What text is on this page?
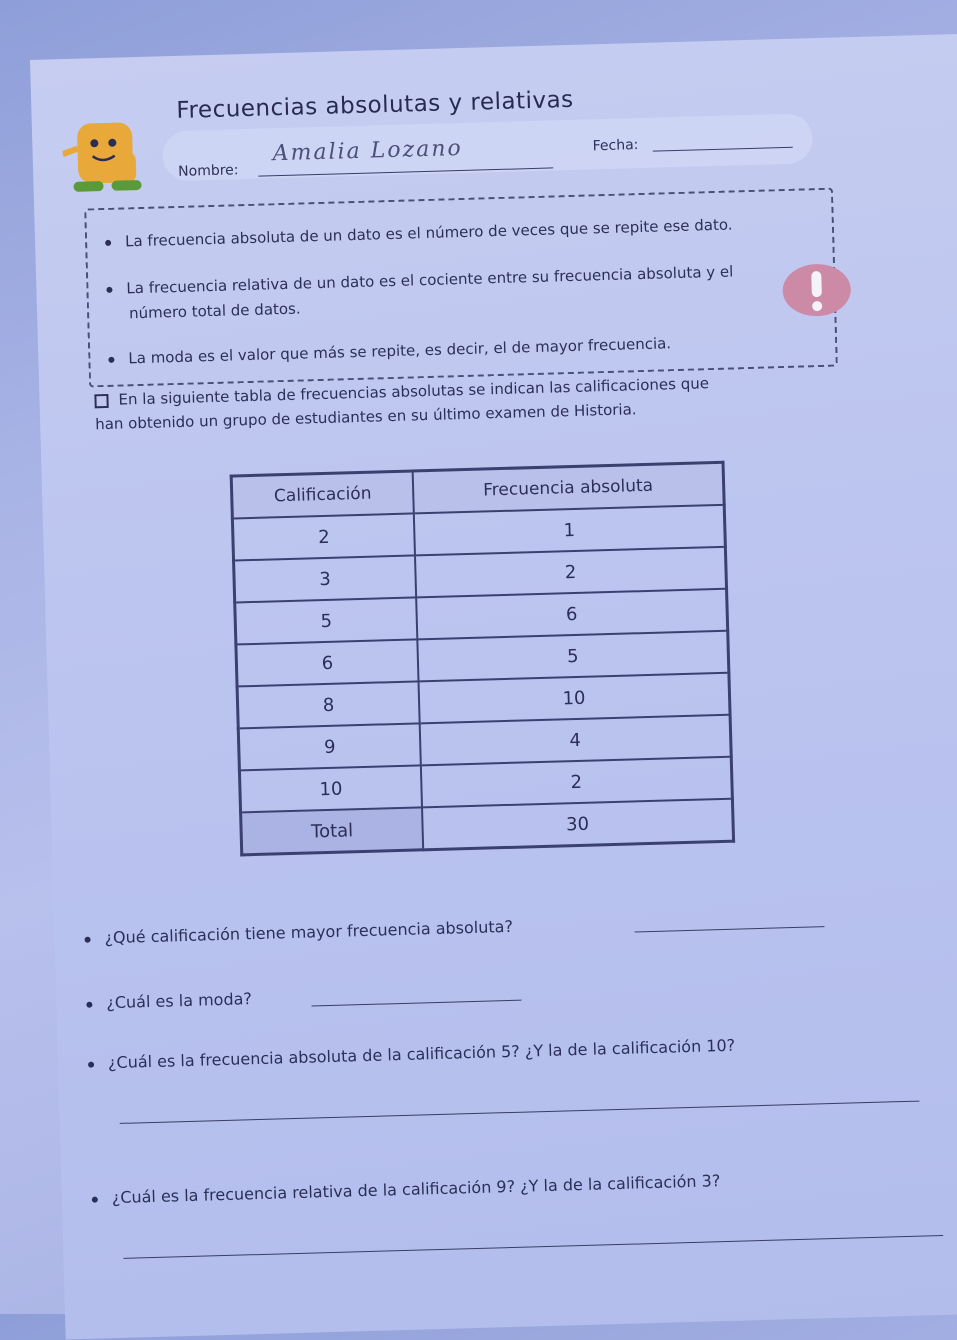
Frecuencias absolutas y relativas
Nombre:
Amalia Lozano	Fecha:
La frecuencia absoluta de un dato es el número de veces que se repite ese dato.
La frecuencia relativa de un dato es el cociente entre su frecuencia absoluta y el
número total de datos.
La moda es el valor que más se repite, es decir, el de mayor frecuencia.
En la siguiente tabla de frecuencias absolutas se indican las calificaciones que
han obtenido un grupo de estudiantes en su último examen de Historia.
Calificación	Frecuencia absoluta
2	1
3	2
5	6
6	5
8	10
9	4
10	2
Total	30
¿Qué calificación tiene mayor frecuencia absoluta?
¿Cuál es la moda?
¿Cuál es la frecuencia absoluta de la calificación 5? ¿Y la de la calificación 10?
¿Cuál es la frecuencia relativa de la calificación 9? ¿Y la de la calificación 3?
